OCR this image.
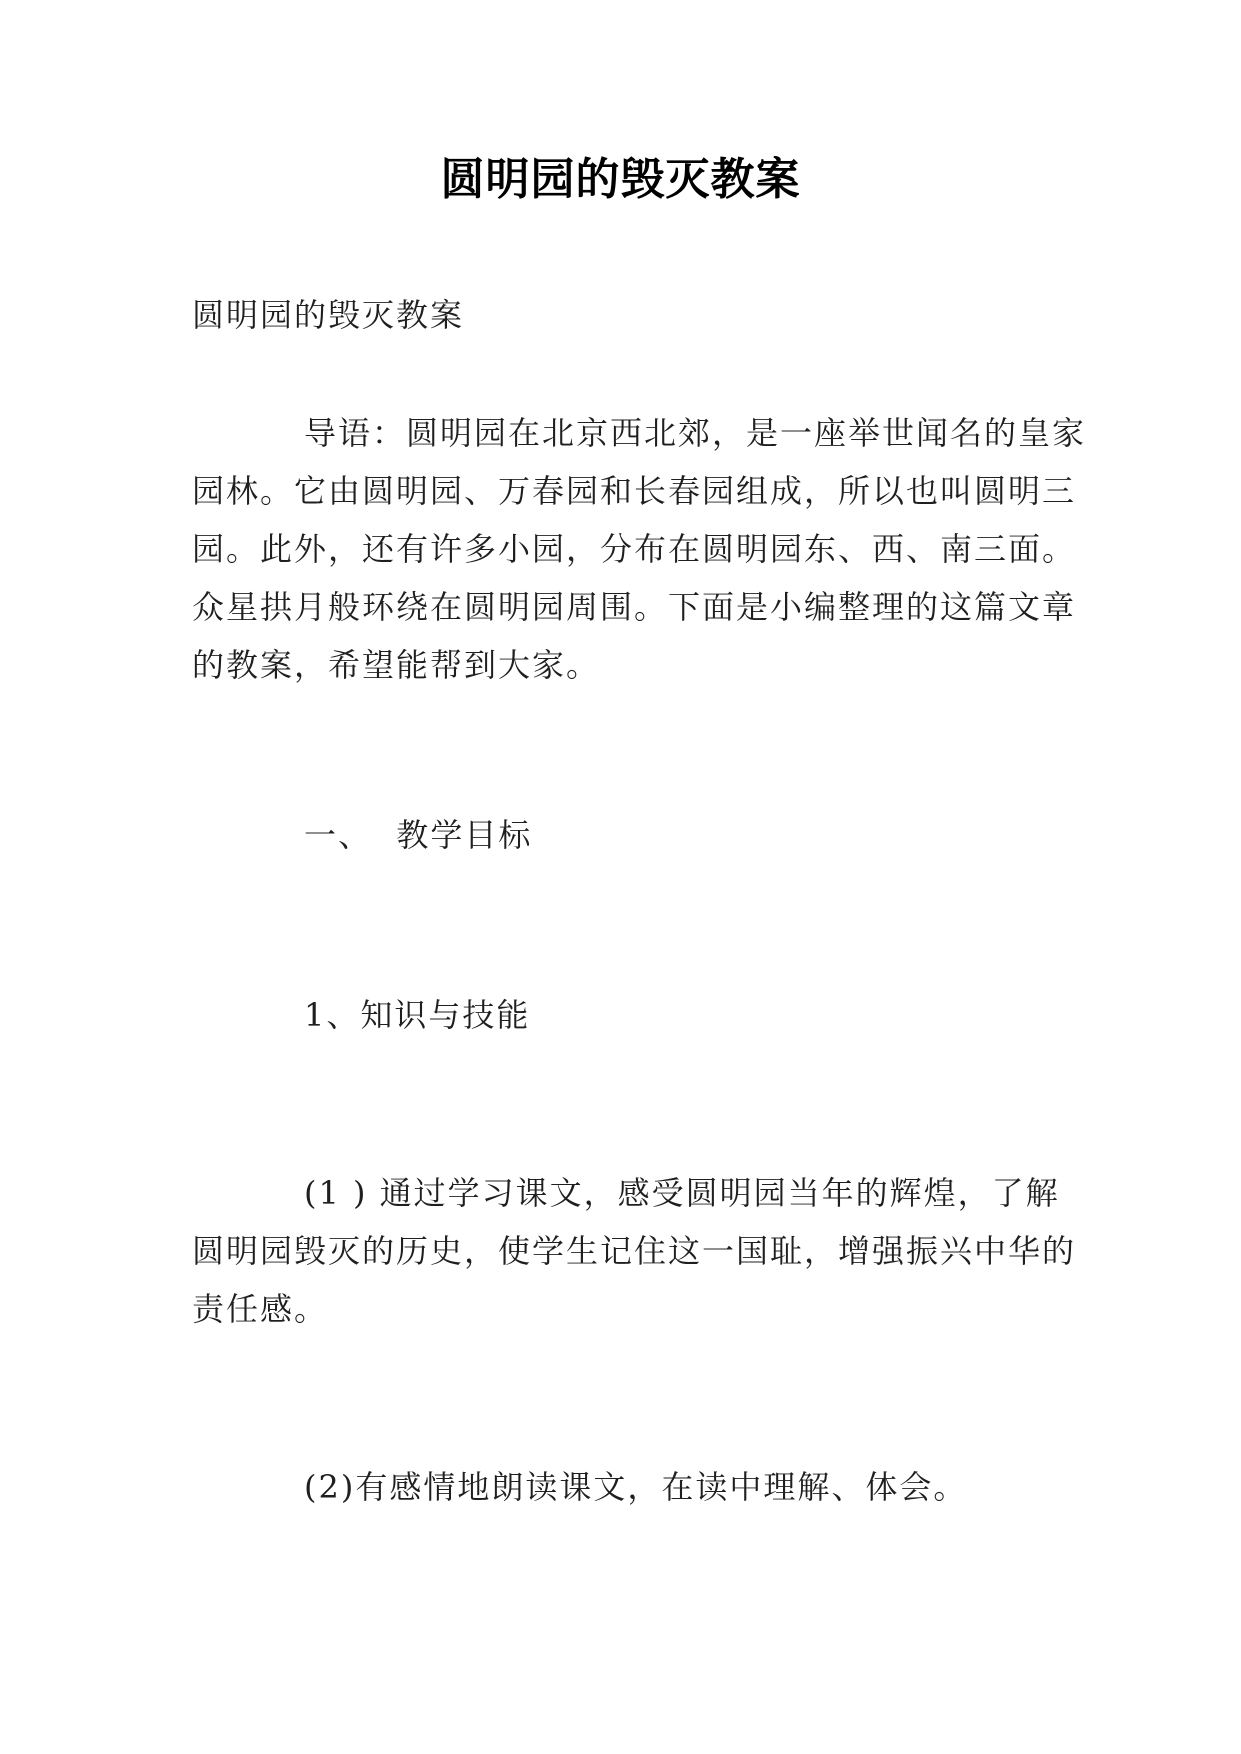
圆明园的毁灭教案

圆明园的毁灭教案

导语：圆明园在北京西北郊，是一座举世闻名的皇家
园林。它由圆明园、万春园和长春园组成，所以也叫圆明三
园。此外，还有许多小园，分布在圆明园东、西、南三面。
众星拱月般环绕在圆明园周围。下面是小编整理的这篇文章
的教案，希望能帮到大家。

一、  教学目标

1、知识与技能

(1 ) 通过学习课文，感受圆明园当年的辉煌，了解
圆明园毁灭的历史，使学生记住这一国耻，增强振兴中华的
责任感。

(2)有感情地朗读课文，在读中理解、体会。
